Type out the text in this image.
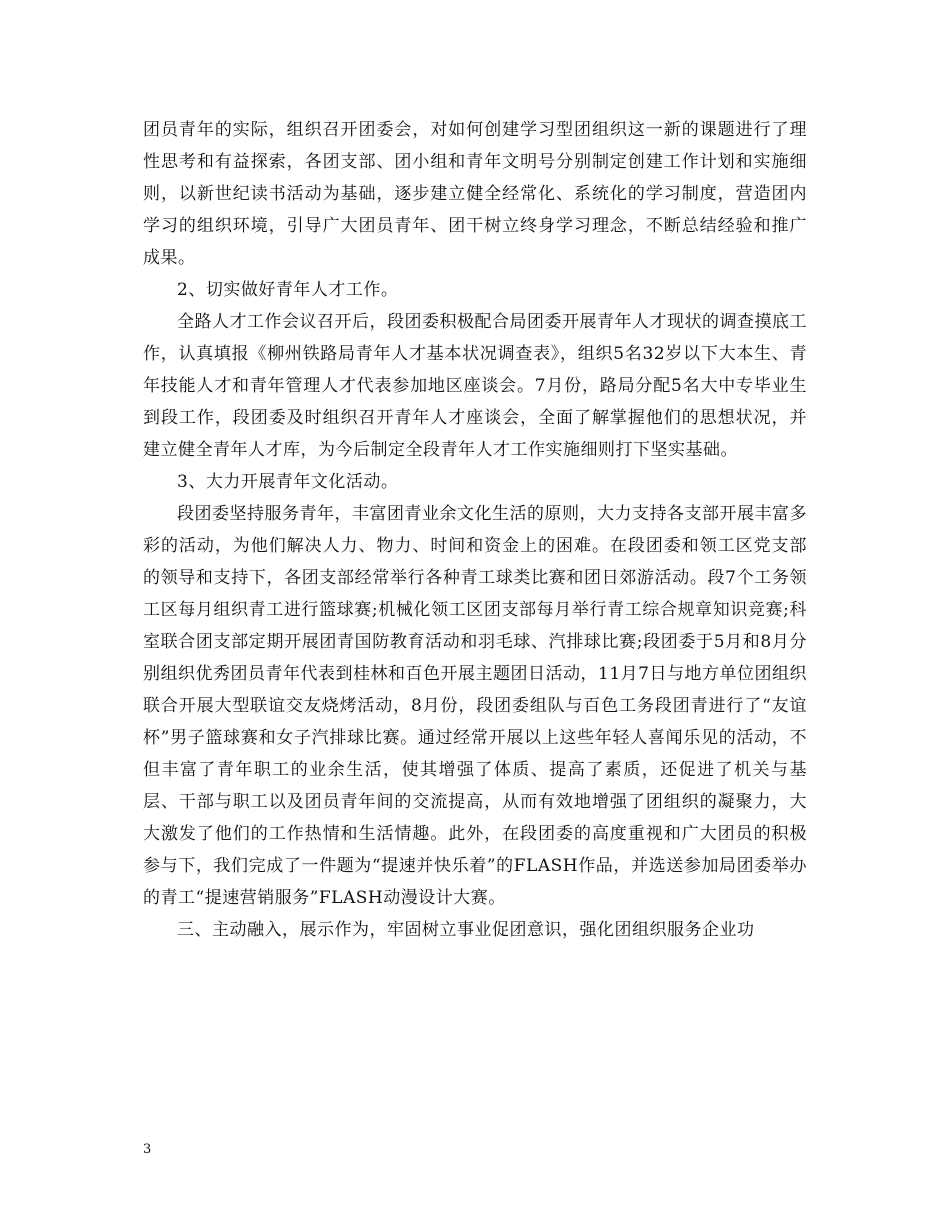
团员青年的实际，组织召开团委会，对如何创建学习型团组织这一新的课题进行了理性思考和有益探索，各团支部、团小组和青年文明号分别制定创建工作计划和实施细则，以新世纪读书活动为基础，逐步建立健全经常化、系统化的学习制度，营造团内学习的组织环境，引导广大团员青年、团干树立终身学习理念，不断总结经验和推广成果。

2、切实做好青年人才工作。

全路人才工作会议召开后，段团委积极配合局团委开展青年人才现状的调查摸底工作，认真填报《柳州铁路局青年人才基本状况调查表》，组织5名32岁以下大本生、青年技能人才和青年管理人才代表参加地区座谈会。7月份，路局分配5名大中专毕业生到段工作，段团委及时组织召开青年人才座谈会，全面了解掌握他们的思想状况，并建立健全青年人才库，为今后制定全段青年人才工作实施细则打下坚实基础。

3、大力开展青年文化活动。

段团委坚持服务青年，丰富团青业余文化生活的原则，大力支持各支部开展丰富多彩的活动，为他们解决人力、物力、时间和资金上的困难。在段团委和领工区党支部的领导和支持下，各团支部经常举行各种青工球类比赛和团日郊游活动。段7个工务领工区每月组织青工进行篮球赛;机械化领工区团支部每月举行青工综合规章知识竞赛;科室联合团支部定期开展团青国防教育活动和羽毛球、汽排球比赛;段团委于5月和8月分别组织优秀团员青年代表到桂林和百色开展主题团日活动，11月7日与地方单位团组织联合开展大型联谊交友烧烤活动，8月份，段团委组队与百色工务段团青进行了“友谊杯”男子篮球赛和女子汽排球比赛。通过经常开展以上这些年轻人喜闻乐见的活动，不但丰富了青年职工的业余生活，使其增强了体质、提高了素质，还促进了机关与基层、干部与职工以及团员青年间的交流提高，从而有效地增强了团组织的凝聚力，大大激发了他们的工作热情和生活情趣。此外，在段团委的高度重视和广大团员的积极参与下，我们完成了一件题为“提速并快乐着”的FLASH作品，并选送参加局团委举办的青工“提速营销服务”FLASH动漫设计大赛。

三、主动融入，展示作为，牢固树立事业促团意识，强化团组织服务企业功

3
